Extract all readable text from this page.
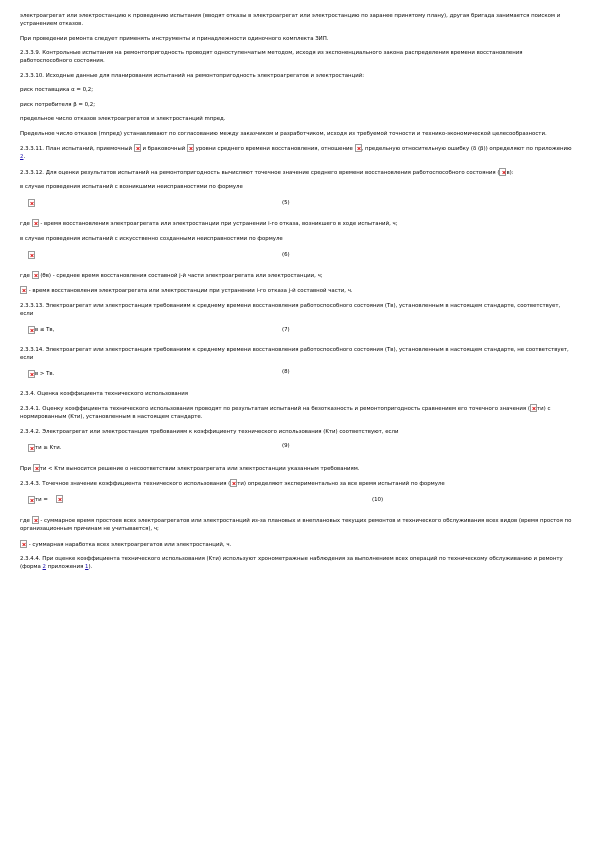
электроагрегат или электростанцию к проведению испытания (вводят отказы в электроагрегат или электростанцию по заранее принятому плану), другая бригада занимается поиском и устранением отказов.

При проведении ремонта следует применять инструменты и принадлежности одиночного комплекта ЗИП.

2.3.3.9. Контрольные испытания на ремонтопригодность проводят одноступенчатым методом, исходя из экспоненциального закона распределения времени восстановления работоспособного состояния.

2.3.3.10. Исходные данные для планирования испытаний на ремонтопригодность электроагрегатов и электростанций:

риск поставщика α = 0,2;

риск потребителя β = 0,2;

предельное число отказов электроагрегатов и электростанций mпред.

Предельное число отказов (mпред) устанавливают по согласованию между заказчиком и разработчиком, исходя из требуемой точности и технико-экономической целесообразности.

2.3.3.11. План испытаний, приемочный и браковочный уровни среднего времени восстановления, отношение , предельную относительную ошибку (δ (β)) определяют по приложению 2.

2.3.3.12. Для оценки результатов испытаний на ремонтопригодность вычисляют точечное значение среднего времени восстановления работоспособного состояния ( в):

в случае проведения испытаний с возникшими неисправностями по формуле

(5)

где - время восстановления электроагрегата или электростанции при устранении i-го отказа, возникшего в ходе испытаний, ч;

в случае проведения испытаний с искусственно созданными неисправностями по формуле

(6)

где (θв) - среднее время восстановления составной j-й части электроагрегата или электростанции, ч;

- время восстановления электроагрегата или электростанции при устранении i-го отказа j-й составной части, ч.

2.3.3.13. Электроагрегат или электростанция требованиям к среднему времени восстановления работоспособного состояния (Тв), установленным в настоящем стандарте, соответствует, если

в ≤ Тв,	(7)

2.3.3.14. Электроагрегат или электростанция требованиям к среднему времени восстановления работоспособного состояния (Тв), установленным в настоящем стандарте, не соответствует, если

в > Тв.	(8)

2.3.4. Оценка коэффициента технического использования

2.3.4.1. Оценку коэффициента технического использования проводят по результатам испытаний на безотказность и ремонтопригодность сравнением его точечного значения ( ти) с нормированным (Kти), установленным в настоящем стандарте.

2.3.4.2. Электроагрегат или электростанция требованиям к коэффициенту технического использования (Kти) соответствуют, если

ти ≥ Kти.	(9)

При ти < Kти выносится решение о несоответствии электроагрегата или электростанции указанным требованиям.

2.3.4.3. Точечное значение коэффициента технического использования ( ти) определяют экспериментально за все время испытаний по формуле

ти =	(10)

где - суммарное время простоев всех электроагрегатов или электростанций из-за плановых и внеплановых текущих ремонтов и технического обслуживания всех видов (время простоя по организационным причинам не учитывается), ч;

- суммарная наработка всех электроагрегатов или электростанций, ч.

2.3.4.4. При оценке коэффициента технического использования (Kти) используют хронометражные наблюдения за выполнением всех операций по техническому обслуживанию и ремонту (форма 2 приложения 1).
